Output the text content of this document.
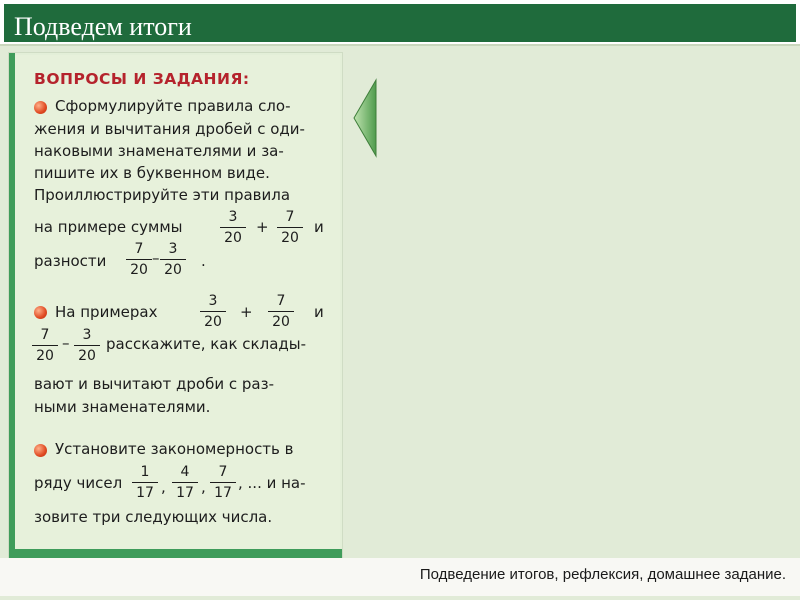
Подведем итоги
ВОПРОСЫ И ЗАДАНИЯ:
Сформулируйте правила сло-
жения и вычитания дробей с оди-
наковыми знаменателями и за-
пишите их в буквенном виде.
Проиллюстрируйте эти правила
на примере суммы
3
20
+
7
20
и
разности
7
20
– 3
20 .
На примерах
3
20
+
7
20
и
7
20
– 3
20
расскажите, как склады-
вают и вычитают дроби с раз-
ными знаменателями.
Установите закономерность в
ряду чисел
1
17 ,
4
17 ,
7
17
, ... и на-
зовите три следующих числа.
Подведение итогов, рефлексия, домашнее задание.
